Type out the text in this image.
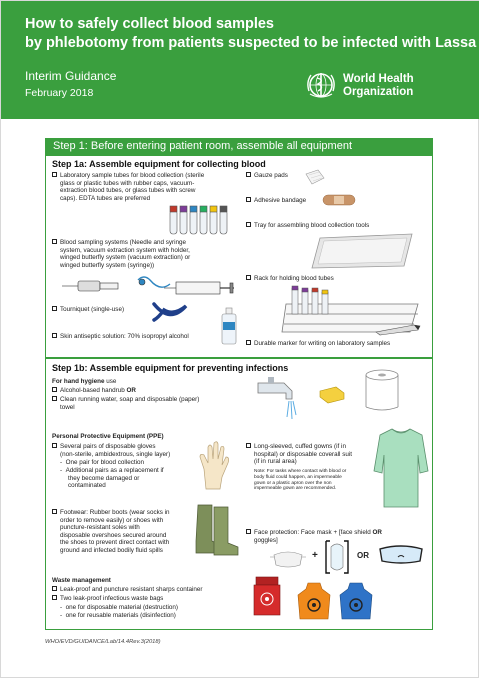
How to safely collect blood samples
by phlebotomy from patients suspected to be infected with Lassa
Interim Guidance
February 2018
World Health
Organization
Step 1: Before entering patient room, assemble all equipment
Step 1a: Assemble equipment for collecting blood
Laboratory sample tubes for blood collection (sterile
glass or plastic tubes with rubber caps, vacuum-
extraction blood tubes, or glass tubes with screw
caps). EDTA tubes are preferred
Blood sampling systems (Needle and syringe
system, vacuum extraction system with holder,
winged butterfly system (vacuum extraction) or
winged butterfly system (syringe))
Tourniquet (single-use)
Skin antiseptic solution: 70% isopropyl alcohol
Gauze pads
Adhesive bandage
Tray for assembling blood collection tools
Rack for holding blood tubes
Durable marker for writing on laboratory samples
Step 1b: Assemble equipment for preventing infections
For hand hygiene use
Alcohol-based handrub OR
Clean running water, soap and disposable (paper)
towel
Personal Protective Equipment (PPE)
Several pairs of disposable gloves
(non-sterile, ambidextrous, single layer)
-  One pair for blood collection
-  Additional pairs as a replacement if
they become damaged or
contaminated
Long-sleeved, cuffed gowns (if in
hospital) or disposable coverall suit
(if in rural area)
Note: For tasks where contact with blood or
body fluid could happen, an impermeable
gown or a plastic apron over the non
impermeable gown are recommended.
Footwear: Rubber boots (wear socks in
order to remove easily) or shoes with
puncture-resistant soles with
disposable overshoes secured around
the shoes to prevent direct contact with
ground and infected bodily fluid spills
Face protection: Face mask + [face shield OR
goggles]
+	OR
Waste management
Leak-proof and puncture resistant sharps container
Two leak-proof infectious waste bags
-  one for disposable material (destruction)
-  one for reusable materials (disinfection)
WHO/EVD/GUIDANCE/Lab/14.4Rev.3(2018)
